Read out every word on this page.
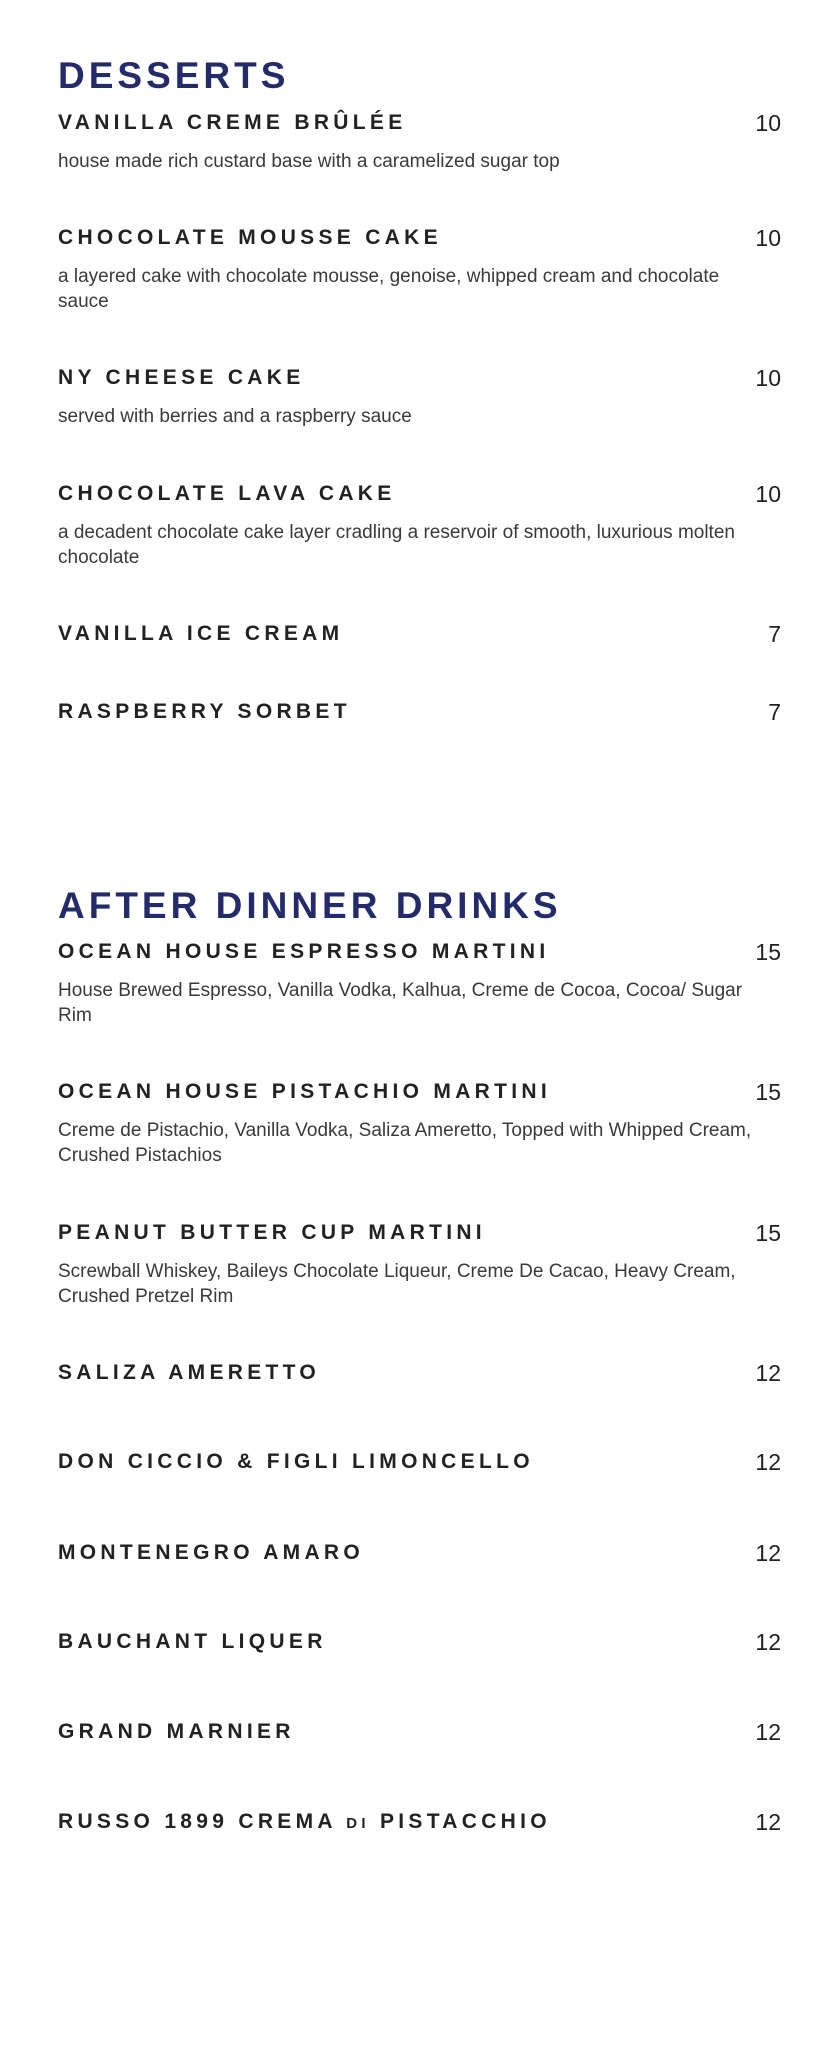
DESSERTS
VANILLA CREME BRÛLÉE	10
house made rich custard base with a caramelized sugar top
CHOCOLATE MOUSSE CAKE	10
a layered cake with chocolate mousse, genoise, whipped cream and chocolate sauce
NY CHEESE CAKE	10
served with berries and a raspberry sauce
CHOCOLATE LAVA CAKE	10
a decadent chocolate cake layer cradling a reservoir of smooth, luxurious molten chocolate
VANILLA ICE CREAM	7
RASPBERRY SORBET	7
AFTER DINNER DRINKS
OCEAN HOUSE ESPRESSO MARTINI	15
House Brewed Espresso, Vanilla Vodka, Kalhua, Creme de Cocoa, Cocoa/ Sugar Rim
OCEAN HOUSE PISTACHIO MARTINI	15
Creme de Pistachio, Vanilla Vodka, Saliza Ameretto, Topped with Whipped Cream, Crushed Pistachios
PEANUT BUTTER CUP MARTINI	15
Screwball Whiskey, Baileys Chocolate Liqueur, Creme De Cacao, Heavy Cream, Crushed Pretzel Rim
SALIZA AMERETTO	12
DON CICCIO & FIGLI LIMONCELLO	12
MONTENEGRO AMARO	12
BAUCHANT LIQUER	12
GRAND MARNIER	12
RUSSO 1899 CREMA DI PISTACCHIO	12
